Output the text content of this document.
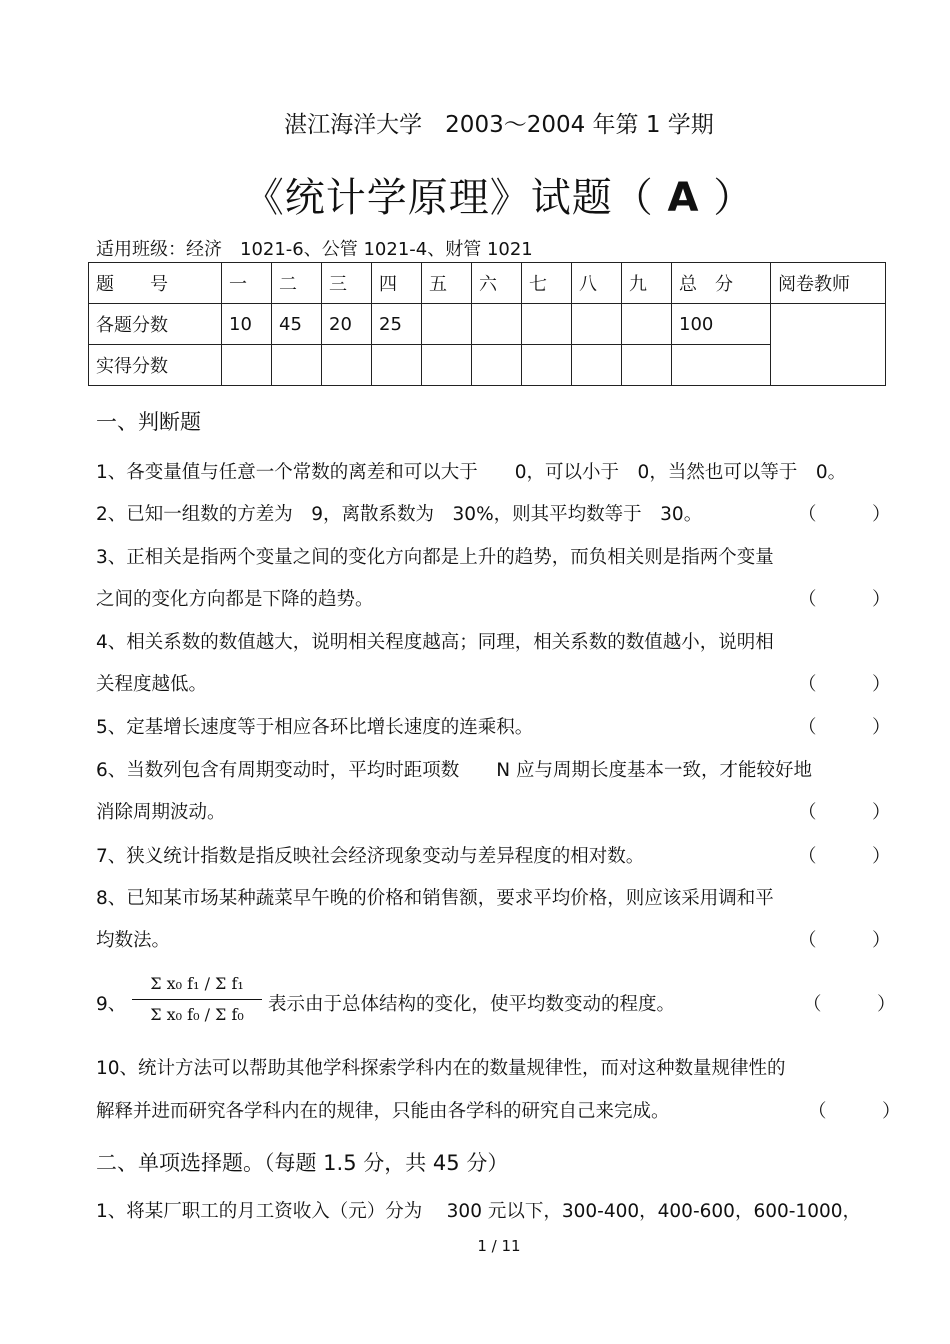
湛江海洋大学　2003～2004 年第 1 学期
《统计学原理》试题（ A ）
适用班级：经济　1021-6、公管 1021-4、财管 1021
题　　号	一	二	三	四	五	六	七	八	九	总　分	阅卷教师
各题分数	10	45	20	25						100	
实得分数											
一、判断题
1、各变量值与任意一个常数的离差和可以大于　　0，可以小于　0，当然也可以等于　0。
2、已知一组数的方差为　9，离散系数为　30%，则其平均数等于　30。	（　　　）
3、正相关是指两个变量之间的变化方向都是上升的趋势，而负相关则是指两个变量
之间的变化方向都是下降的趋势。	（　　　）
4、相关系数的数值越大，说明相关程度越高；同理，相关系数的数值越小，说明相
关程度越低。	（　　　）
5、定基增长速度等于相应各环比增长速度的连乘积。	（　　　）
6、当数列包含有周期变动时，平均时距项数　　N 应与周期长度基本一致，才能较好地
消除周期波动。	（　　　）
7、狭义统计指数是指反映社会经济现象变动与差异程度的相对数。	（　　　）
8、已知某市场某种蔬菜早午晚的价格和销售额，要求平均价格，则应该采用调和平
均数法。	（　　　）
9、
Σ x₀ f₁ ∕ Σ f₁
Σ x₀ f₀ ∕ Σ f₀	表示由于总体结构的变化，使平均数变动的程度。	（　　　）
10、统计方法可以帮助其他学科探索学科内在的数量规律性，而对这种数量规律性的
解释并进而研究各学科内在的规律，只能由各学科的研究自己来完成。	（　　　）
二、单项选择题。（每题 1.5 分，共 45 分）
1、将某厂职工的月工资收入（元）分为　 300 元以下，300-400，400-600，600-1000，
1 / 11
